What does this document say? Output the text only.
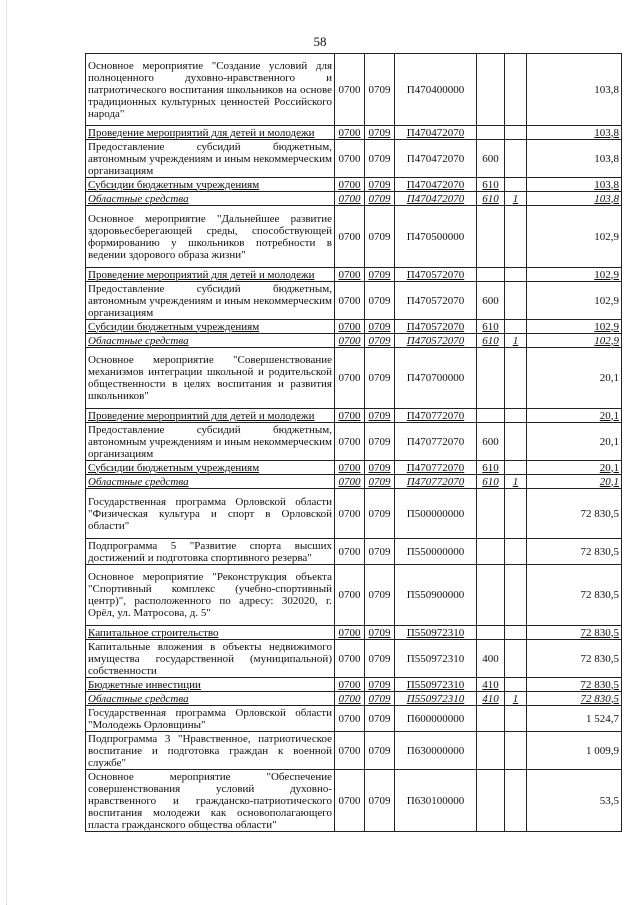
58
Основное мероприятие "Создание условий для полноценного духовно-нравственного и патриотического воспитания школьников на основе традиционных культурных ценностей Российского народа"	0700	0709	П470400000			103,8
Проведение мероприятий для детей и молодежи	0700	0709	П470472070			103,8
Предоставление субсидий бюджетным, автономным учреждениям и иным некоммерческим организациям	0700	0709	П470472070	600		103,8
Субсидии бюджетным учреждениям	0700	0709	П470472070	610		103,8
Областные средства	0700	0709	П470472070	610	1	103,8
Основное мероприятие "Дальнейшее развитие здоровьесберегающей среды, способствующей формированию у школьников потребности в ведении здорового образа жизни"	0700	0709	П470500000			102,9
Проведение мероприятий для детей и молодежи	0700	0709	П470572070			102,9
Предоставление субсидий бюджетным, автономным учреждениям и иным некоммерческим организациям	0700	0709	П470572070	600		102,9
Субсидии бюджетным учреждениям	0700	0709	П470572070	610		102,9
Областные средства	0700	0709	П470572070	610	1	102,9
Основное мероприятие "Совершенствование механизмов интеграции школьной и родительской общественности в целях воспитания и развития школьников"	0700	0709	П470700000			20,1
Проведение мероприятий для детей и молодежи	0700	0709	П470772070			20,1
Предоставление субсидий бюджетным, автономным учреждениям и иным некоммерческим организациям	0700	0709	П470772070	600		20,1
Субсидии бюджетным учреждениям	0700	0709	П470772070	610		20,1
Областные средства	0700	0709	П470772070	610	1	20,1
Государственная программа Орловской области "Физическая культура и спорт в Орловской области"	0700	0709	П500000000			72 830,5
Подпрограмма 5 "Развитие спорта высших достижений и подготовка спортивного резерва"	0700	0709	П550000000			72 830,5
Основное мероприятие "Реконструкция объекта "Спортивный комплекс (учебно-спортивный центр)", расположенного по адресу: 302020, г. Орёл, ул. Матросова, д. 5"	0700	0709	П550900000			72 830,5
Капитальное строительство	0700	0709	П550972310			72 830,5
Капитальные вложения в объекты недвижимого имущества государственной (муниципальной) собственности	0700	0709	П550972310	400		72 830,5
Бюджетные инвестиции	0700	0709	П550972310	410		72 830,5
Областные средства	0700	0709	П550972310	410	1	72 830,5
Государственная программа Орловской области "Молодежь Орловщины"	0700	0709	П600000000			1 524,7
Подпрограмма 3 "Нравственное, патриотическое воспитание и подготовка граждан к военной службе"	0700	0709	П630000000			1 009,9
Основное мероприятие "Обеспечение совершенствования условий духовно-нравственного и гражданско-патриотического воспитания молодежи как основополагающего пласта гражданского общества области"	0700	0709	П630100000			53,5
